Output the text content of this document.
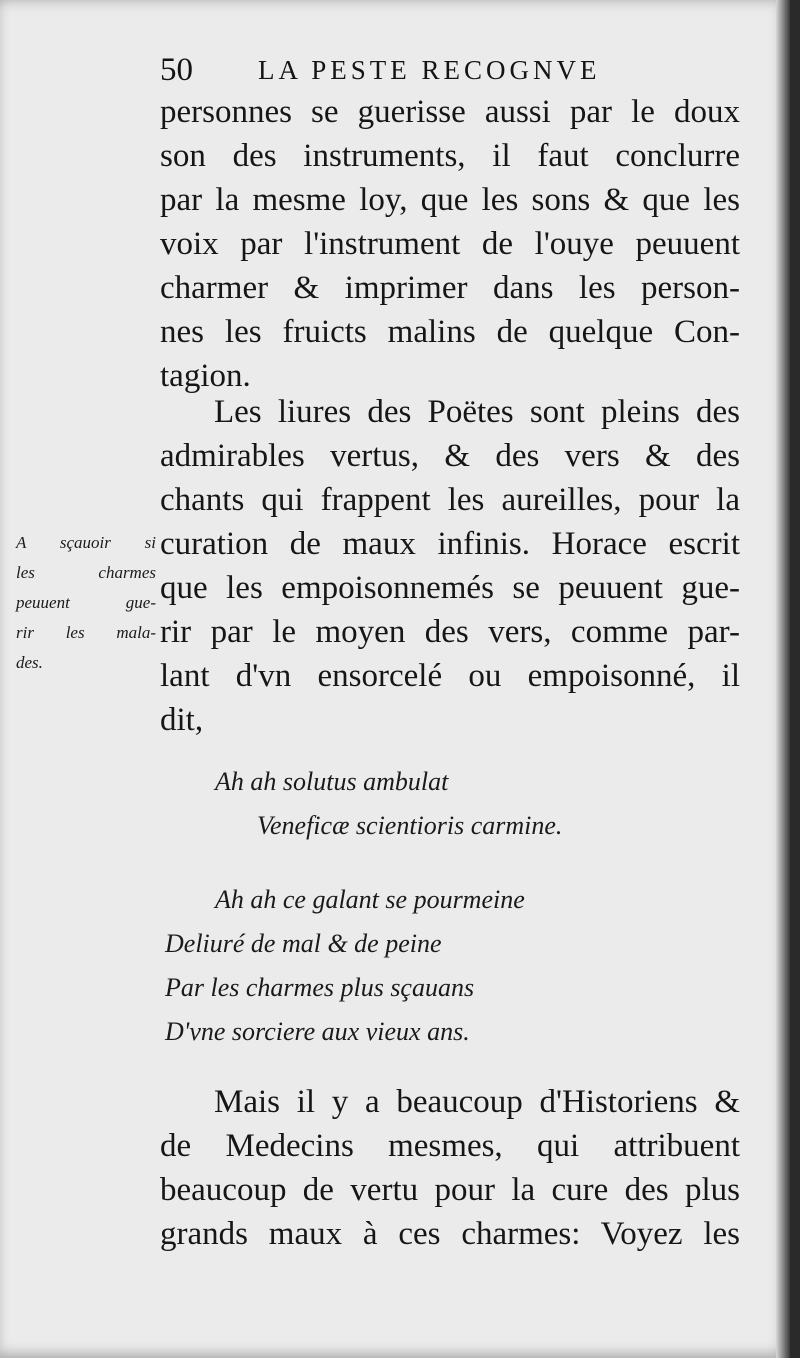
50 LA PESTE RECOGNVE
personnes se guerisse aussi par le doux
son des instruments, il faut conclurre
par la mesme loy, que les sons & que les
voix par l'instrument de l'ouye peuuent
charmer & imprimer dans les person-
nes les fruicts malins de quelque Con-
tagion.
Les liures des Poëtes sont pleins des
admirables vertus, & des vers & des
chants qui frappent les aureilles, pour la
curation de maux infinis. Horace escrit
que les empoisonnemés se peuuent gue-
rir par le moyen des vers, comme par-
lant d'vn ensorcelé ou empoisonné, il
dit,
A sçauoir si
les charmes
peuuent gue-
rir les mala-
des.
Ah ah solutus ambulat
Veneficæ scientioris carmine.
Ah ah ce galant se pourmeine
Deliuré de mal & de peine
Par les charmes plus sçauans
D'vne sorciere aux vieux ans.
Mais il y a beaucoup d'Historiens &
de Medecins mesmes, qui attribuent
beaucoup de vertu pour la cure des plus
grands maux à ces charmes: Voyez les
